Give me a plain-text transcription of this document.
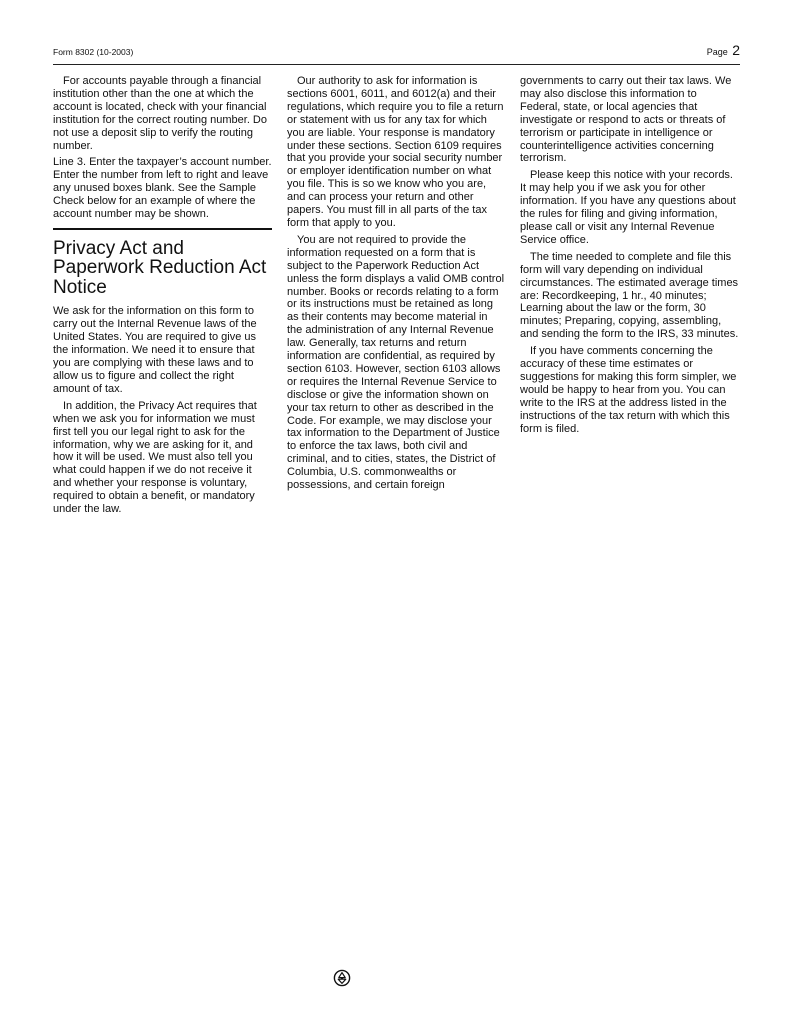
Form 8302 (10-2003)	Page 2

For accounts payable through a financial institution other than the one at which the account is located, check with your financial institution for the correct routing number. Do not use a deposit slip to verify the routing number.

Line 3. Enter the taxpayer’s account number. Enter the number from left to right and leave any unused boxes blank. See the Sample Check below for an example of where the account number may be shown.

Privacy Act and Paperwork Reduction Act Notice

We ask for the information on this form to carry out the Internal Revenue laws of the United States. You are required to give us the information. We need it to ensure that you are complying with these laws and to allow us to figure and collect the right amount of tax.

In addition, the Privacy Act requires that when we ask you for information we must first tell you our legal right to ask for the information, why we are asking for it, and how it will be used. We must also tell you what could happen if we do not receive it and whether your response is voluntary, required to obtain a benefit, or mandatory under the law.

Our authority to ask for information is sections 6001, 6011, and 6012(a) and their regulations, which require you to file a return or statement with us for any tax for which you are liable. Your response is mandatory under these sections. Section 6109 requires that you provide your social security number or employer identification number on what you file. This is so we know who you are, and can process your return and other papers. You must fill in all parts of the tax form that apply to you.

You are not required to provide the information requested on a form that is subject to the Paperwork Reduction Act unless the form displays a valid OMB control number. Books or records relating to a form or its instructions must be retained as long as their contents may become material in the administration of any Internal Revenue law. Generally, tax returns and return information are confidential, as required by section 6103. However, section 6103 allows or requires the Internal Revenue Service to disclose or give the information shown on your tax return to other as described in the Code. For example, we may disclose your tax information to the Department of Justice to enforce the tax laws, both civil and criminal, and to cities, states, the District of Columbia, U.S. commonwealths or possessions, and certain foreign

governments to carry out their tax laws. We may also disclose this information to Federal, state, or local agencies that investigate or respond to acts or threats of terrorism or participate in intelligence or counterintelligence activities concerning terrorism.

Please keep this notice with your records. It may help you if we ask you for other information. If you have any questions about the rules for filing and giving information, please call or visit any Internal Revenue Service office.

The time needed to complete and file this form will vary depending on individual circumstances. The estimated average times are: Recordkeeping, 1 hr., 40 minutes; Learning about the law or the form, 30 minutes; Preparing, copying, assembling, and sending the form to the IRS, 33 minutes.

If you have comments concerning the accuracy of these time estimates or suggestions for making this form simpler, we would be happy to hear from you. You can write to the IRS at the address listed in the instructions of the tax return with which this form is filed.
